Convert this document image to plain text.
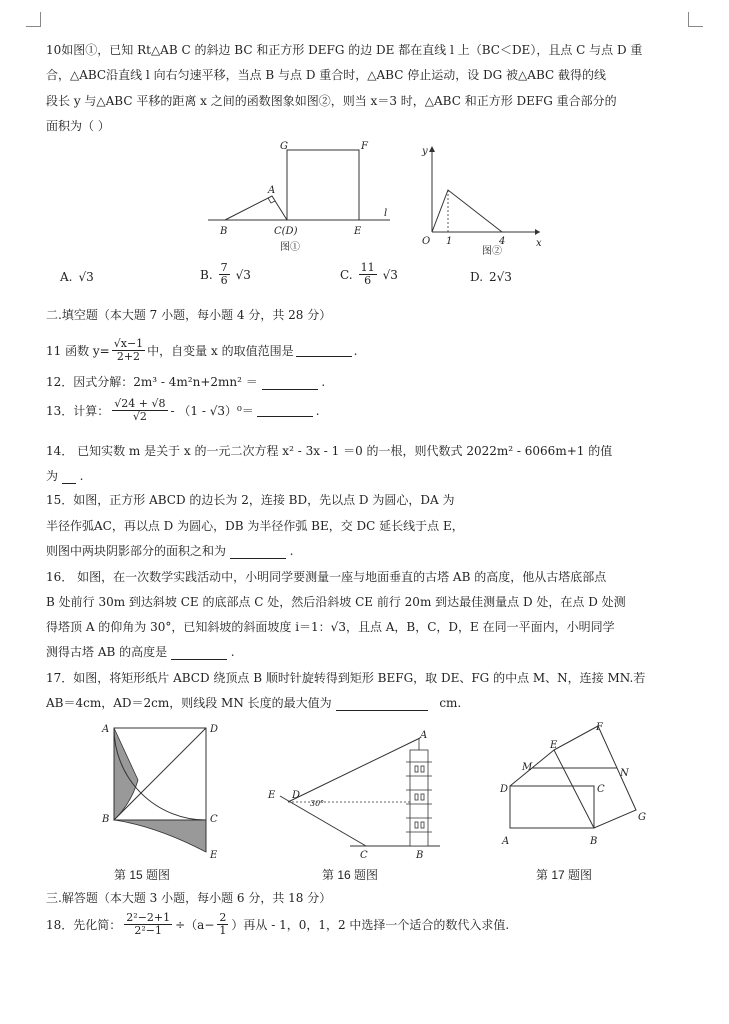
10如图①，已知 Rt△AB C 的斜边 BC 和正方形 DEFG 的边 DE 都在直线 l 上（BC＜DE），且点 C 与点 D 重
合，△ABC沿直线 l 向右匀速平移，当点 B 与点 D 重合时，△ABC 停止运动，设 DG 被△ABC 截得的线
段长 y 与△ABC 平移的距离 x 之间的函数图象如图②，则当 x＝3 时，△ABC 和正方形 DEFG 重合部分的
面积为（ ）
G	F
A
B	C(D)	E
l
图①
y
x
O 1	4
图②
A. √3	B. $\frac{7}{6} √3$	C. $\frac{11}{6} √3$	D. 2√3
二.填空题（本大题 7 小题，每小题 4 分，共 28 分）
11 函数 $y= \frac{√x-1}{2+2}$ 中，自变量 x 的取值范围是	.
12．因式分解：2m³ - 4m²n+2mn² ＝	.
13．计算： $\frac{√24 + √8}{√2} - (1 - √3)^0=$	.
14． 已知实数 m 是关于 x 的一元二次方程 x² - 3x - 1 ＝0 的一根，则代数式 2022m² - 6066m+1 的值
为 .
15．如图，正方形 ABCD 的边长为 2，连接 BD，先以点 D 为圆心，DA 为
半径作弧AC，再以点 D 为圆心，DB 为半径作弧 BE，交 DC 延长线于点 E，
则图中两块阴影部分的面积之和为	.
16． 如图，在一次数学实践活动中，小明同学要测量一座与地面垂直的古塔 AB 的高度，他从古塔底部点
B 处前行 30m 到达斜坡 CE 的底部点 C 处，然后沿斜坡 CE 前行 20m 到达最佳测量点 D 处，在点 D 处测
得塔顶 A 的仰角为 30°，已知斜坡的斜面坡度 i＝1：√3，且点 A，B，C，D，E 在同一平面内，小明同学
测得古塔 AB 的高度是	.
17．如图，将矩形纸片 ABCD 绕顶点 B 顺时针旋转得到矩形 BEFG，取 DE、FG 的中点 M、N，连接 MN.若
AB＝4cm，AD＝2cm，则线段 MN 长度的最大值为	cm.
A
B	C
D
E
第 15 题图
A
B
C
D
E
30°
第 16 题图
D
A	B
C
E
F
G
M
N
第 17 题图
三.解答题（本大题 3 小题，每小题 6 分，共 18 分）
18．先化简： $\frac{\text{2²−2+1}}{\text{2²−1}} \div(a- \frac{2}{1}$ ）再从 - 1，0，1，2 中选择一个适合的数代入求值.
